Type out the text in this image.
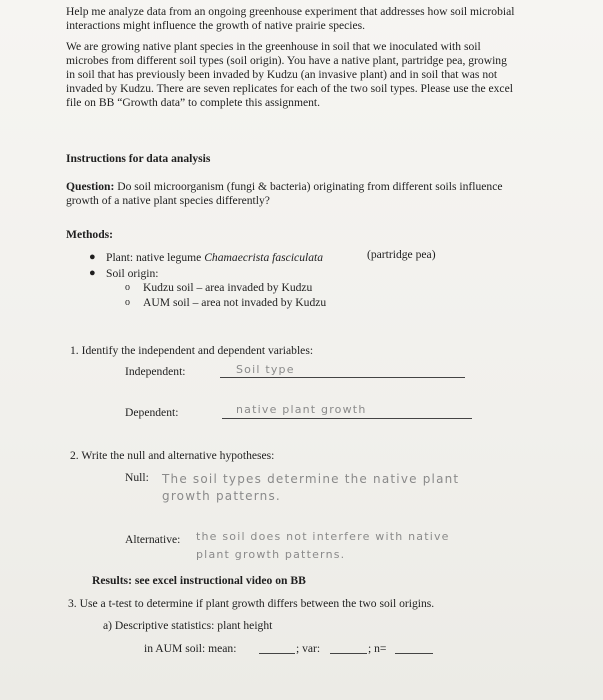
Help me analyze data from an ongoing greenhouse experiment that addresses how soil microbial
interactions might influence the growth of native prairie species.
We are growing native plant species in the greenhouse in soil that we inoculated with soil
microbes from different soil types (soil origin). You have a native plant, partridge pea, growing
in soil that has previously been invaded by Kudzu (an invasive plant) and in soil that was not
invaded by Kudzu. There are seven replicates for each of the two soil types. Please use the excel
file on BB “Growth data” to complete this assignment.
Instructions for data analysis
Question: Do soil microorganism (fungi & bacteria) originating from different soils influence
growth of a native plant species differently?
Methods:
● Plant: native legume Chamaecrista fasciculata	(partridge pea)
● Soil origin:
o Kudzu soil – area invaded by Kudzu
o AUM soil – area not invaded by Kudzu
1. Identify the independent and dependent variables:
Independent:	Soil type
Dependent:	native plant growth
2. Write the null and alternative hypotheses:
Null: The soil types determine the native plant
growth patterns.
Alternative: the soil does not interfere with native
plant growth patterns.
Results: see excel instructional video on BB
3. Use a t-test to determine if plant growth differs between the two soil origins.
a) Descriptive statistics: plant height
in AUM soil: mean:	; var:	; n=
